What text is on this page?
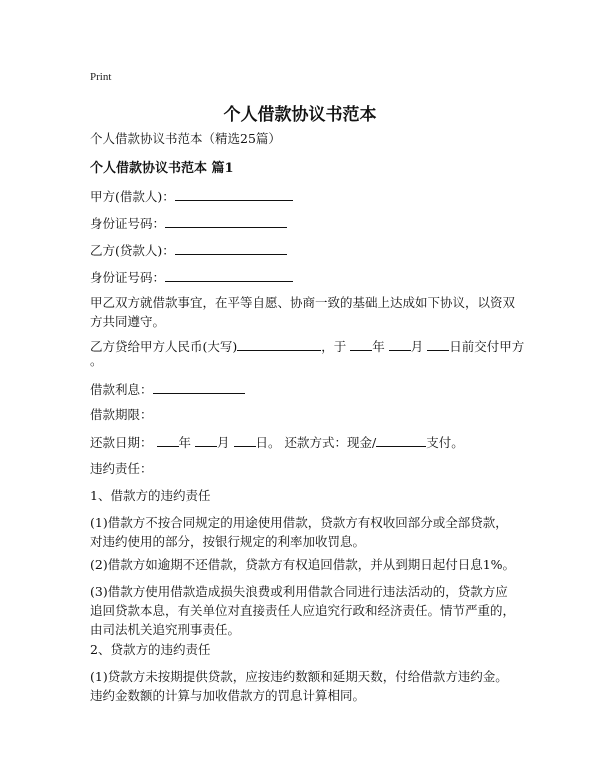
Print
个人借款协议书范本
个人借款协议书范本（精选25篇）
个人借款协议书范本 篇1
甲方(借款人)：
身份证号码：
乙方(贷款人)：
身份证号码：
甲乙双方就借款事宜，在平等自愿、协商一致的基础上达成如下协议，以资双方共同遵守。
乙方贷给甲方人民币(大写)	，于 年 月 日前交付甲方
。
借款利息：
借款期限：
还款日期： 年 月 日。 还款方式：现金/	支付。
违约责任：
1、借款方的违约责任
(1)借款方不按合同规定的用途使用借款，贷款方有权收回部分或全部贷款，对违约使用的部分，按银行规定的利率加收罚息。
(2)借款方如逾期不还借款，贷款方有权追回借款，并从到期日起付日息1%。
(3)借款方使用借款造成损失浪费或利用借款合同进行违法活动的，贷款方应追回贷款本息，有关单位对直接责任人应追究行政和经济责任。情节严重的，由司法机关追究刑事责任。
2、贷款方的违约责任
(1)贷款方未按期提供贷款，应按违约数额和延期天数，付给借款方违约金。违约金数额的计算与加收借款方的罚息计算相同。
